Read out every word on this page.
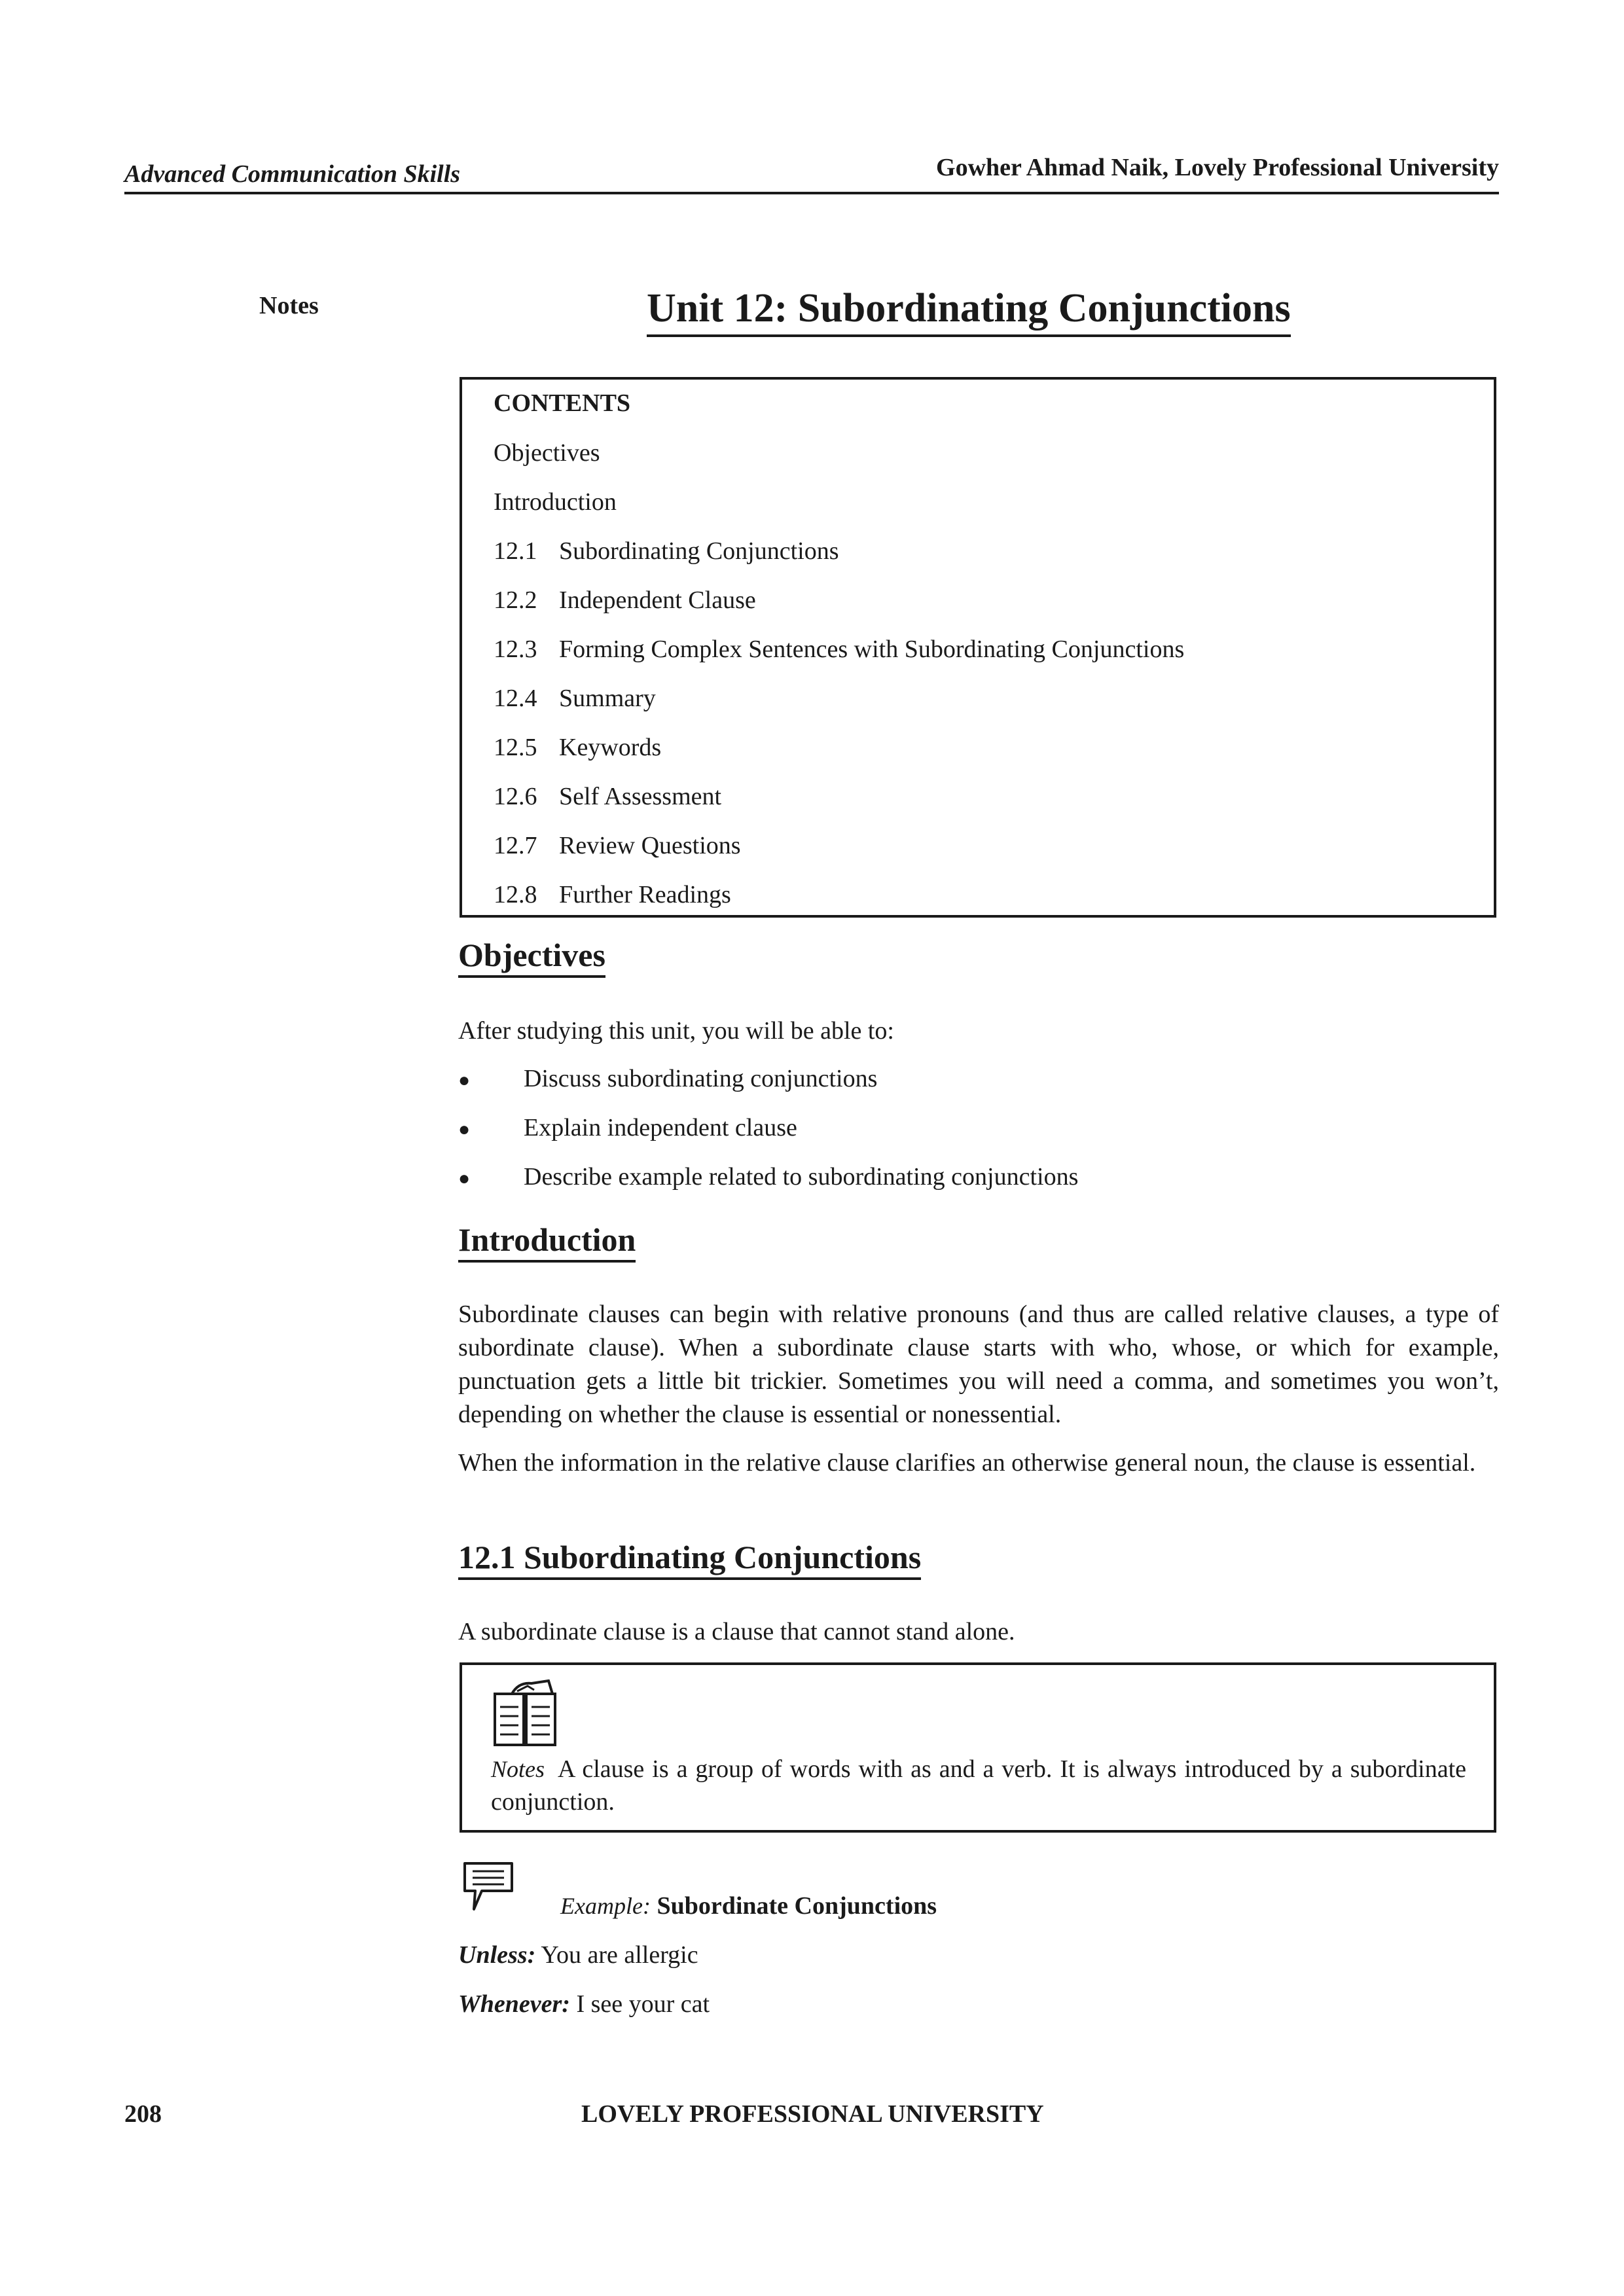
Advanced Communication Skills	Gowher Ahmad Naik, Lovely Professional University
Notes	Unit 12: Subordinating Conjunctions
CONTENTS
Objectives
Introduction
12.1 Subordinating Conjunctions
12.2 Independent Clause
12.3 Forming Complex Sentences with Subordinating Conjunctions
12.4 Summary
12.5 Keywords
12.6 Self Assessment
12.7 Review Questions
12.8 Further Readings
Objectives
After studying this unit, you will be able to:
● Discuss subordinating conjunctions
● Explain independent clause
● Describe example related to subordinating conjunctions
Introduction
Subordinate clauses can begin with relative pronouns (and thus are called relative clauses, a type of subordinate clause). When a subordinate clause starts with who, whose, or which for example, punctuation gets a little bit trickier. Sometimes you will need a comma, and sometimes you won’t, depending on whether the clause is essential or nonessential.
When the information in the relative clause clarifies an otherwise general noun, the clause is essential.
12.1 Subordinating Conjunctions
A subordinate clause is a clause that cannot stand alone.
Notes A clause is a group of words with as and a verb. It is always introduced by a subordinate conjunction.
Example: Subordinate Conjunctions
Unless: You are allergic
Whenever: I see your cat
208	LOVELY PROFESSIONAL UNIVERSITY
